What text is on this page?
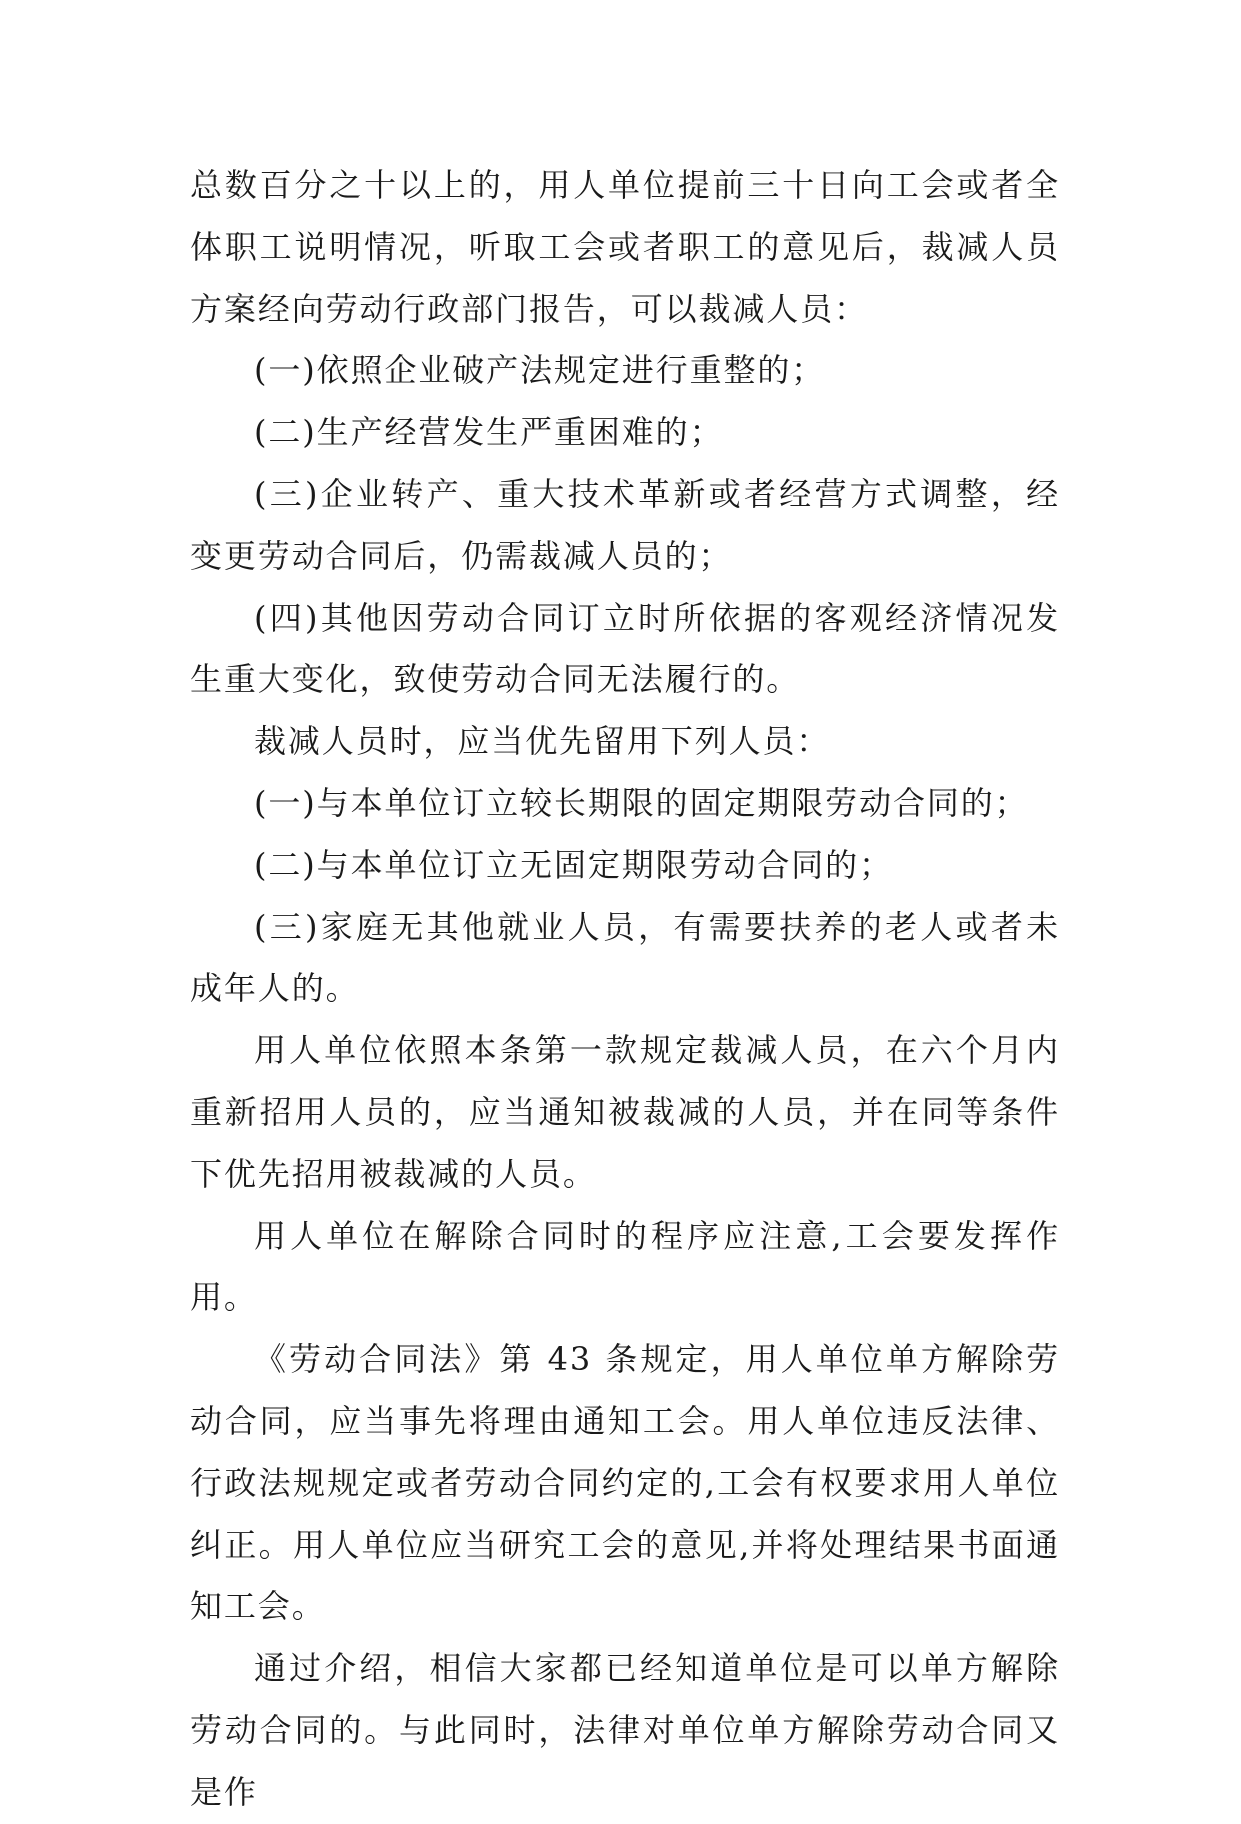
总数百分之十以上的，用人单位提前三十日向工会或者全体职工说明情况，听取工会或者职工的意见后，裁减人员方案经向劳动行政部门报告，可以裁减人员：

(一)依照企业破产法规定进行重整的；

(二)生产经营发生严重困难的；

(三)企业转产、重大技术革新或者经营方式调整，经变更劳动合同后，仍需裁减人员的；

(四)其他因劳动合同订立时所依据的客观经济情况发生重大变化，致使劳动合同无法履行的。

裁减人员时，应当优先留用下列人员：

(一)与本单位订立较长期限的固定期限劳动合同的；

(二)与本单位订立无固定期限劳动合同的；

(三)家庭无其他就业人员，有需要扶养的老人或者未成年人的。

用人单位依照本条第一款规定裁减人员，在六个月内重新招用人员的，应当通知被裁减的人员，并在同等条件下优先招用被裁减的人员。

用人单位在解除合同时的程序应注意,工会要发挥作用。

《劳动合同法》第 43 条规定，用人单位单方解除劳动合同，应当事先将理由通知工会。用人单位违反法律、行政法规规定或者劳动合同约定的,工会有权要求用人单位纠正。用人单位应当研究工会的意见,并将处理结果书面通知工会。

通过介绍，相信大家都已经知道单位是可以单方解除劳动合同的。与此同时，法律对单位单方解除劳动合同又是作
